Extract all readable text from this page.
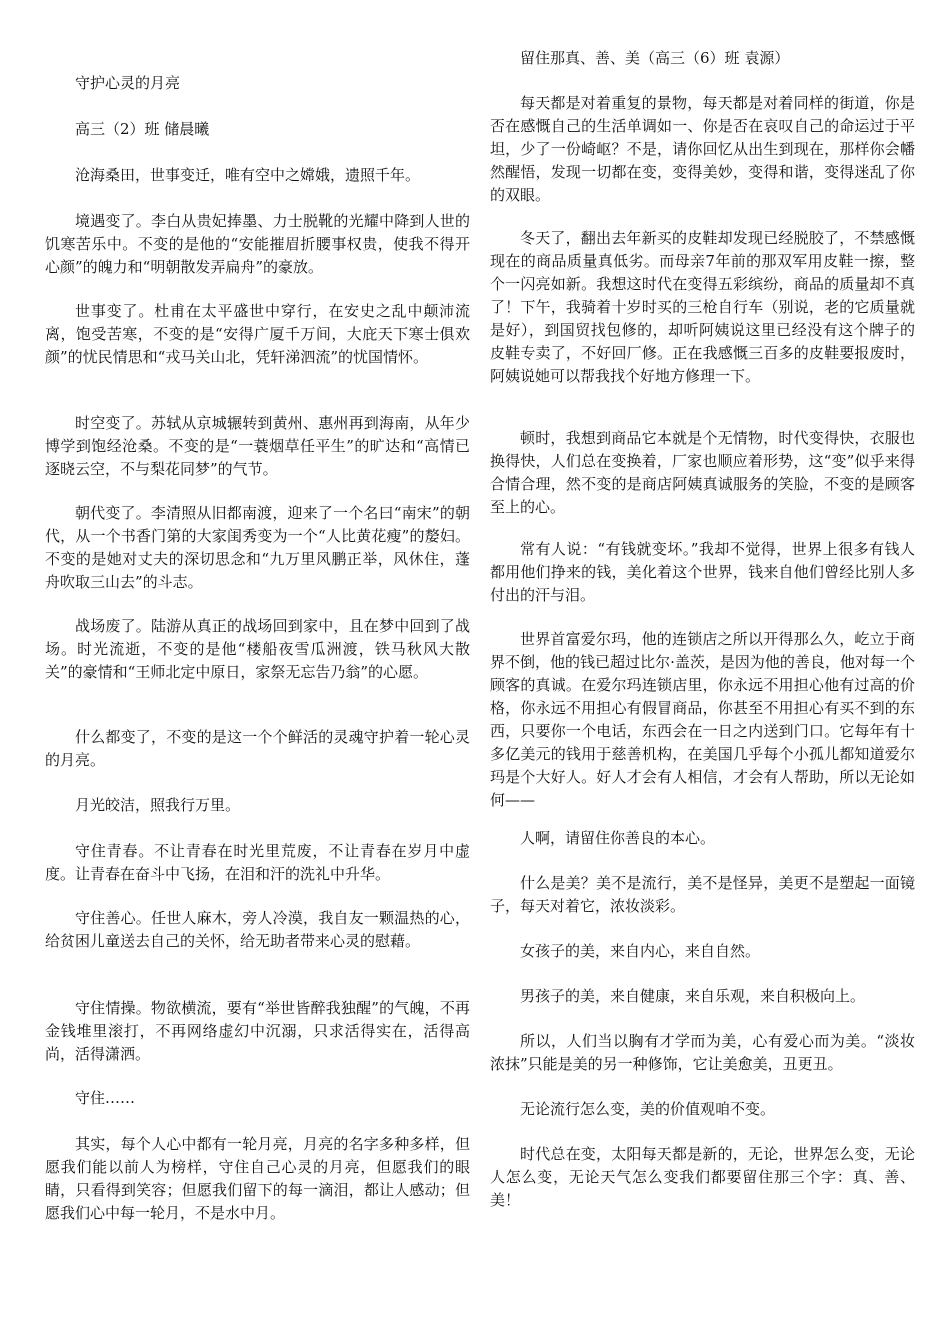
守护心灵的月亮

高三（2）班 储晨曦

沧海桑田，世事变迁，唯有空中之嫦娥，遗照千年。

境遇变了。李白从贵妃捧墨、力士脱靴的光耀中降到人世的饥寒苦乐中。不变的是他的“安能摧眉折腰事权贵，使我不得开心颜”的魄力和“明朝散发弄扁舟”的豪放。

世事变了。杜甫在太平盛世中穿行，在安史之乱中颠沛流离，饱受苦寒，不变的是“安得广厦千万间，大庇天下寒士俱欢颜”的忧民情思和“戎马关山北，凭轩涕泗流”的忧国情怀。

时空变了。苏轼从京城辗转到黄州、惠州再到海南，从年少博学到饱经沧桑。不变的是“一蓑烟草任平生”的旷达和“高情已逐晓云空，不与梨花同梦”的气节。

朝代变了。李清照从旧都南渡，迎来了一个名曰“南宋”的朝代，从一个书香门第的大家闺秀变为一个“人比黄花瘦”的嫠妇。不变的是她对丈夫的深切思念和“九万里风鹏正举，风休住，蓬舟吹取三山去”的斗志。

战场废了。陆游从真正的战场回到家中，且在梦中回到了战场。时光流逝，不变的是他“楼船夜雪瓜洲渡，铁马秋风大散关”的豪情和“王师北定中原日，家祭无忘告乃翁”的心愿。

什么都变了，不变的是这一个个鲜活的灵魂守护着一轮心灵的月亮。

月光皎洁，照我行万里。

守住青春。不让青春在时光里荒废，不让青春在岁月中虚度。让青春在奋斗中飞扬，在泪和汗的洗礼中升华。

守住善心。任世人麻木，旁人冷漠，我自友一颗温热的心，给贫困儿童送去自己的关怀，给无助者带来心灵的慰藉。

守住情操。物欲横流，要有“举世皆醉我独醒”的气魄，不再金钱堆里滚打，不再网络虚幻中沉溺，只求活得实在，活得高尚，活得潇洒。

守住……

其实，每个人心中都有一轮月亮，月亮的名字多种多样，但愿我们能以前人为榜样，守住自己心灵的月亮，但愿我们的眼睛，只看得到笑容；但愿我们留下的每一滴泪，都让人感动；但愿我们心中每一轮月，不是水中月。

留住那真、善、美（高三（6）班 袁源）

每天都是对着重复的景物，每天都是对着同样的街道，你是否在感慨自己的生活单调如一、你是否在哀叹自己的命运过于平坦，少了一份崎岖？不是，请你回忆从出生到现在，那样你会幡然醒悟，发现一切都在变，变得美妙，变得和谐，变得迷乱了你的双眼。

冬天了，翻出去年新买的皮鞋却发现已经脱胶了，不禁感慨现在的商品质量真低劣。而母亲7年前的那双军用皮鞋一擦，整个一闪亮如新。我想这时代在变得五彩缤纷，商品的质量却不真了！下午，我骑着十岁时买的三枪自行车（别说，老的它质量就是好），到国贸找包修的，却听阿姨说这里已经没有这个牌子的皮鞋专卖了，不好回厂修。正在我感慨三百多的皮鞋要报废时，阿姨说她可以帮我找个好地方修理一下。

顿时，我想到商品它本就是个无情物，时代变得快，衣服也换得快，人们总在变换着，厂家也顺应着形势，这“变”似乎来得合情合理，然不变的是商店阿姨真诚服务的笑脸，不变的是顾客至上的心。

常有人说：“有钱就变坏。”我却不觉得，世界上很多有钱人都用他们挣来的钱，美化着这个世界，钱来自他们曾经比别人多付出的汗与泪。

世界首富爱尔玛，他的连锁店之所以开得那么久，屹立于商界不倒，他的钱已超过比尔·盖茨，是因为他的善良，他对每一个顾客的真诚。在爱尔玛连锁店里，你永远不用担心他有过高的价格，你永远不用担心有假冒商品，你甚至不用担心有买不到的东西，只要你一个电话，东西会在一日之内送到门口。它每年有十多亿美元的钱用于慈善机构，在美国几乎每个小孤儿都知道爱尔玛是个大好人。好人才会有人相信，才会有人帮助，所以无论如何——

人啊，请留住你善良的本心。

什么是美？美不是流行，美不是怪异，美更不是塑起一面镜子，每天对着它，浓妆淡彩。

女孩子的美，来自内心，来自自然。

男孩子的美，来自健康，来自乐观，来自积极向上。

所以，人们当以胸有才学而为美，心有爱心而为美。“淡妆浓抹”只能是美的另一种修饰，它让美愈美，丑更丑。

无论流行怎么变，美的价值观咱不变。

时代总在变，太阳每天都是新的，无论，世界怎么变，无论人怎么变，无论天气怎么变我们都要留住那三个字：真、善、美！
